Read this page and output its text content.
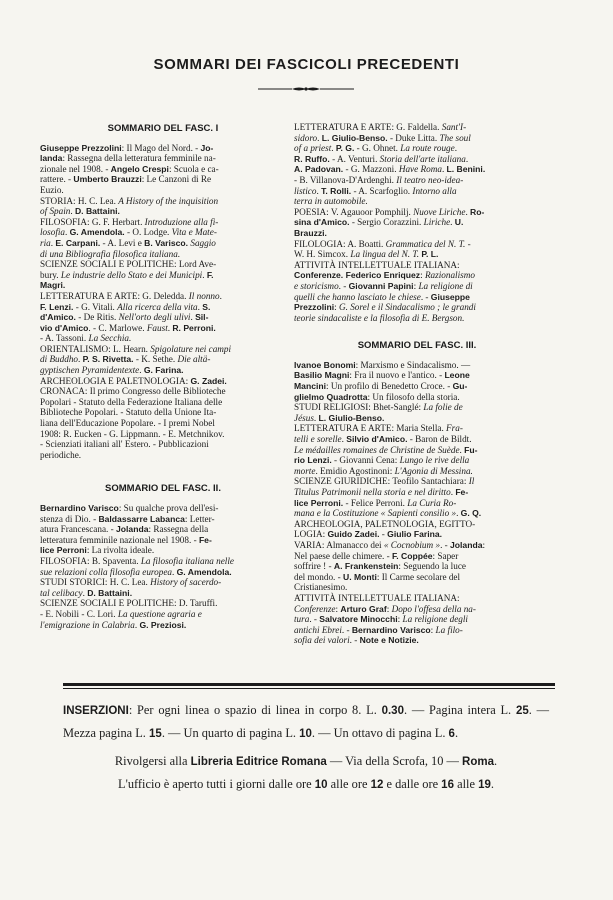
SOMMARI DEI FASCICOLI PRECEDENTI
SOMMARIO DEL FASC. I

Giuseppe Prezzolini: Il Mago del Nord. - Jo-
landa: Rassegna della letteratura femminile na-
zionale nel 1908. - Angelo Crespi: Scuola e ca-
rattere. - Umberto Brauzzi: Le Canzoni di Re
Euzio.

STORIA: H. C. Lea. A History of the inquisition
of Spain. D. Battaini.

FILOSOFIA: G. F. Herbart. Introduzione alla fi-
losofia. G. Amendola. - O. Lodge. Vita e Mate-
ria. E. Carpani. - A. Levi e B. Varisco. Saggio
di una Bibliografia filosofica italiana.

SCIENZE SOCIALI E POLITICHE: Lord Ave-
bury. Le industrie dello Stato e dei Municipi. F.
Magri.

LETTERATURA E ARTE: G. Deledda. Il nonno.
F. Lenzi. - G. Vitali. Alla ricerca della vita. S.
d'Amico. - De Ritis. Nell'orto degli ulivi. Sil-
vio d'Amico. - C. Marlowe. Faust. R. Perroni.
- A. Tassoni. La Secchia.

ORIENTALISMO: L. Hearn. Spigolature nei campi
di Buddho. P. S. Rivetta. - K. Sethe. Die altä-
gyptischen Pyramidentexte. G. Farina.

ARCHEOLOGIA E PALETNOLOGIA: G. Zadei.

CRONACA: Il primo Congresso delle Biblioteche
Popolari - Statuto della Federazione Italiana delle
Biblioteche Popolari. - Statuto della Unione Ita-
liana dell'Educazione Popolare. - I premi Nobel
1908: R. Eucken - G. Lippmann. - E. Metchnikov.
- Scienziati italiani all' Estero. - Pubblicazioni
periodiche.

SOMMARIO DEL FASC. II.

Bernardino Varisco: Su qualche prova dell'esi-
stenza di Dio. - Baldassarre Labanca: Letter-
atura Francescana. - Jolanda: Rassegna della
letteratura femminile nazionale nel 1908. - Fe-
lice Perroni: La rivolta ideale.

FILOSOFIA: B. Spaventa. La filosofia italiana nelle
sue relazioni colla filosofia europea. G. Amendola.

STUDI STORICI: H. C. Lea. History of sacerdo-
tal celibacy. D. Battaini.

SCIENZE SOCIALI E POLITICHE: D. Taruffi.
- E. Nobili - C. Lori. La questione agraria e
l'emigrazione in Calabria. G. Preziosi.

LETTERATURA E ARTE: G. Faldella. Sant'I-
sidoro. L. Giulio-Benso. - Duke Litta. The soul
of a priest. P. G. - G. Ohnet. La route rouge.
R. Ruffo. - A. Venturi. Storia dell'arte italiana.
A. Padovan. - G. Mazzoni. Have Roma. L. Benini.
- B. Villanova-D'Ardenghi. Il teatro neo-idea-
listico. T. Rolli. - A. Scarfoglio. Intorno alla
terra in automobile.

POESIA: V. Agauoor Pomphilj. Nuove Liriche. Ro-
sina d'Amico. - Sergio Corazzini. Liriche. U.
Brauzzi.

FILOLOGIA: A. Boatti. Grammatica del N. T. -
W. H. Simcox. La lingua del N. T. P. L.

ATTIVITÀ INTELLETTUALE ITALIANA:
Conferenze. Federico Enriquez: Razionalismo
e storicismo. - Giovanni Papini: La religione di
quelli che hanno lasciato le chiese. - Giuseppe
Prezzolini: G. Sorel e il Sindacalismo ; le grandi
teorie sindacaliste e la filosofia di E. Bergson.

SOMMARIO DEL FASC. III.

Ivanoe Bonomi: Marxismo e Sindacalismo. —
Basilio Magni: Fra il nuovo e l'antico. - Leone
Mancini: Un profilo di Benedetto Croce. - Gu-
glielmo Quadrotta: Un filosofo della storia.

STUDI RELIGIOSI: Bhet-Sanglé: La folie de
Jésus. L. Giulio-Benso.

LETTERATURA E ARTE: Maria Stella. Fra-
telli e sorelle. Silvio d'Amico. - Baron de Bildt.
Le médailles romaines de Christine de Suède. Fu-
rio Lenzi. - Giovanni Cena: Lungo le rive della
morte. Emidio Agostinoni: L'Agonia di Messina.

SCIENZE GIURIDICHE: Teofilo Santachiara: Il
Titulus Patrimonii nella storia e nel diritto. Fe-
lice Perroni. - Felice Perroni. La Curia Ro-
mana e la Costituzione « Sapienti consilio ». G. Q.

ARCHEOLOGIA, PALETNOLOGIA, EGITTO-
LOGIA: Guido Zadei. - Giulio Farina.

VARIA: Almanacco dei « Cocnobium ». - Jolanda:
Nel paese delle chimere. - F. Coppée: Saper
soffrire ! - A. Frankenstein: Seguendo la luce
del mondo. - U. Monti: Il Carme secolare del
Cristianesimo.

ATTIVITÀ INTELLETTUALE ITALIANA:
Conferenze: Arturo Graf: Dopo l'offesa della na-
tura. - Salvatore Minocchi: La religione degli
antichi Ebrei. - Bernardino Varisco: La filo-
sofia dei valori. - Note e Notizie.

INSERZIONI: Per ogni linea o spazio di linea in corpo 8. L. 0.30. — Pagina intera L. 25. — Mezza pagina L. 15. — Un quarto di pagina L. 10. — Un ottavo di pagina L. 6.

Rivolgersi alla Libreria Editrice Romana — Via della Scrofa, 10 — Roma.

L'ufficio è aperto tutti i giorni dalle ore 10 alle ore 12 e dalle ore 16 alle 19.
